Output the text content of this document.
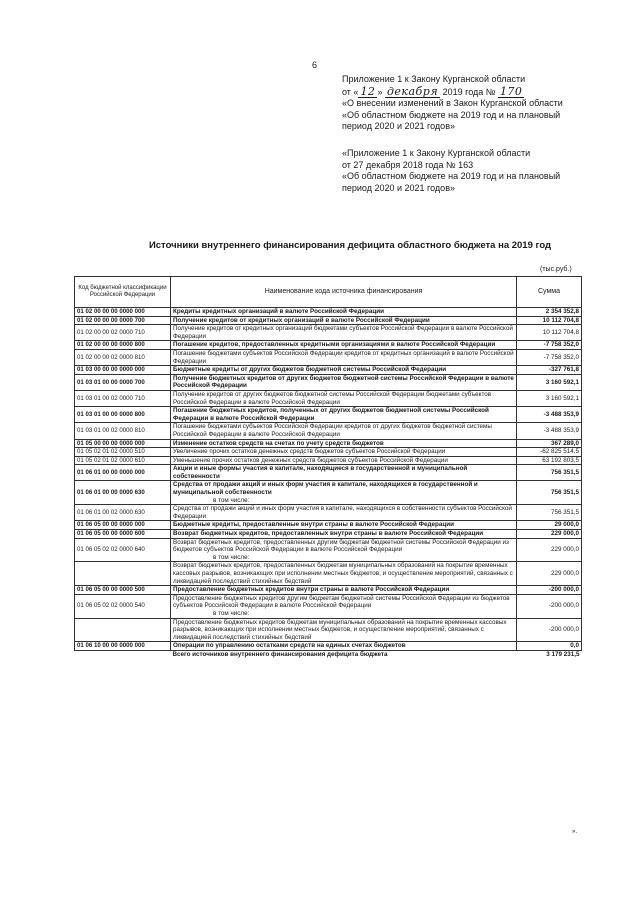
6
Приложение 1 к Закону Курганской области
от « 12 » декабря 2019 года № 170
«О внесении изменений в Закон Курганской области
«Об областном бюджете на 2019 год и на плановый
период 2020 и 2021 годов»
«Приложение 1 к Закону Курганской области
от 27 декабря 2018 года № 163
«Об областном бюджете на 2019 год и на плановый
период 2020 и 2021 годов»
Источники внутреннего финансирования дефицита областного бюджета на 2019 год
(тыс.руб.)
Код бюджетной классификации Российской Федерации	Наименование кода источника финансирования	Сумма
01 02 00 00 00 0000 000	Кредиты кредитных организаций в валюте Российской Федерации	2 354 352,8
01 02 00 00 00 0000 700	Получение кредитов от кредитных организаций в валюте Российской Федерации	10 112 704,8
01 02 00 00 02 0000 710	Получение кредитов от кредитных организаций бюджетами субъектов Российской Федерации в валюте Российской Федерации	10 112 704,8
01 02 00 00 00 0000 800	Погашение кредитов, предоставленных кредитными организациями в валюте Российской Федерации	-7 758 352,0
01 02 00 00 02 0000 810	Погашение бюджетами субъектов Российской Федерации кредитов от кредитных организаций в валюте Российской Федерации	-7 758 352,0
01 03 00 00 00 0000 000	Бюджетные кредиты от других бюджетов бюджетной системы Российской Федерации	-327 761,8
01 03 01 00 00 0000 700	Получение бюджетных кредитов от других бюджетов бюджетной системы Российской Федерации в валюте Российской Федерации	3 160 592,1
01 03 01 00 02 0000 710	Получение кредитов от других бюджетов бюджетной системы Российской Федерации бюджетами субъектов Российской Федерации в валюте Российской Федерации	3 160 592,1
01 03 01 00 00 0000 800	Погашение бюджетных кредитов, полученных от других бюджетов бюджетной системы Российской Федерации в валюте Российской Федерации	-3 488 353,9
01 03 01 00 02 0000 810	Погашение бюджетами субъектов Российской Федерации кредитов от других бюджетов бюджетной системы Российской Федерации в валюте Российской Федерации	-3 488 353,9
01 05 00 00 00 0000 000	Изменение остатков средств на счетах по учету средств бюджетов	367 289,0
01 05 02 01 02 0000 510	Увеличение прочих остатков денежных средств бюджетов субъектов Российской Федерации	-62 825 514,5
01 05 02 01 02 0000 610	Уменьшение прочих остатков денежных средств бюджетов субъектов Российской Федерации	63 192 803,5
01 06 01 00 00 0000 000	Акции и иные формы участия в капитале, находящиеся в государственной и муниципальной собственности	756 351,5
01 06 01 00 00 0000 630	Средства от продажи акций и иных форм участия в капитале, находящихся в государственной и муниципальной собственности
в том числе:	756 351,5
01 06 01 00 02 0000 630	Средства от продажи акций и иных форм участия в капитале, находящихся в собственности субъектов Российской Федерации	756 351,5
01 06 05 00 00 0000 000	Бюджетные кредиты, предоставленные внутри страны в валюте Российской Федерации	29 000,0
01 06 05 00 00 0000 600	Возврат бюджетных кредитов, предоставленных внутри страны в валюте Российской Федерации	229 000,0
01 06 05 02 02 0000 640	Возврат бюджетных кредитов, предоставленных другим бюджетам бюджетной системы Российской Федерации из бюджетов субъектов Российской Федерации в валюте Российской Федерации
в том числе:	229 000,0
	Возврат бюджетных кредитов, предоставленных бюджетам муниципальных образований на покрытие временных кассовых разрывов, возникающих при исполнении местных бюджетов, и осуществление мероприятий, связанных с ликвидацией последствий стихийных бедствий	229 000,0
01 06 05 00 00 0000 500	Предоставление бюджетных кредитов внутри страны в валюте Российской Федерации	-200 000,0
01 06 05 02 02 0000 540	Предоставление бюджетных кредитов другим бюджетам бюджетной системы Российской Федерации из бюджетов субъектов Российской Федерации в валюте Российской Федерации
в том числе:	-200 000,0
	Предоставление бюджетных кредитов бюджетам муниципальных образований на покрытие временных кассовых разрывов, возникающих при исполнении местных бюджетов, и осуществление мероприятий, связанных с ликвидацией последствий стихийных бедствий	-200 000,0
01 06 10 00 00 0000 000	Операции по управлению остатками средств на единых счетах бюджетов	0,0
	Всего источников внутреннего финансирования дефицита бюджета	3 179 231,5
».
